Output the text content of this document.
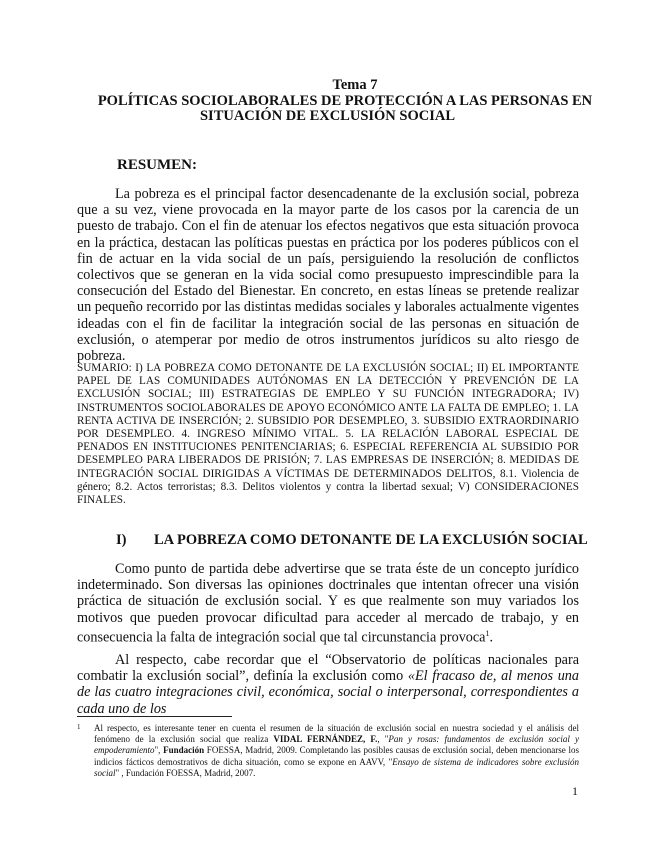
Tema 7
POLÍTICAS SOCIOLABORALES DE PROTECCIÓN A LAS PERSONAS EN
SITUACIÓN DE EXCLUSIÓN SOCIAL
RESUMEN:

La pobreza es el principal factor desencadenante de la exclusión social, pobreza que a su vez, viene provocada en la mayor parte de los casos por la carencia de un puesto de trabajo. Con el fin de atenuar los efectos negativos que esta situación provoca en la práctica, destacan las políticas puestas en práctica por los poderes públicos con el fin de actuar en la vida social de un país, persiguiendo la resolución de conflictos colectivos que se generan en la vida social como presupuesto imprescindible para la consecución del Estado del Bienestar. En concreto, en estas líneas se pretende realizar un pequeño recorrido por las distintas medidas sociales y laborales actualmente vigentes ideadas con el fin de facilitar la integración social de las personas en situación de exclusión, o atemperar por medio de otros instrumentos jurídicos su alto riesgo de pobreza.

SUMARIO: I) LA POBREZA COMO DETONANTE DE LA EXCLUSIÓN SOCIAL; II) EL IMPORTANTE PAPEL DE LAS COMUNIDADES AUTÓNOMAS EN LA DETECCIÓN Y PREVENCIÓN DE LA EXCLUSIÓN SOCIAL; III) ESTRATEGIAS DE EMPLEO Y SU FUNCIÓN INTEGRADORA; IV) INSTRUMENTOS SOCIOLABORALES DE APOYO ECONÓMICO ANTE LA FALTA DE EMPLEO; 1. LA RENTA ACTIVA DE INSERCIÓN; 2. SUBSIDIO POR DESEMPLEO, 3. SUBSIDIO EXTRAORDINARIO POR DESEMPLEO. 4. INGRESO MÍNIMO VITAL. 5. LA RELACIÓN LABORAL ESPECIAL DE PENADOS EN INSTITUCIONES PENITENCIARIAS; 6. ESPECIAL REFERENCIA AL SUBSIDIO POR DESEMPLEO PARA LIBERADOS DE PRISIÓN; 7. LAS EMPRESAS DE INSERCIÓN; 8. MEDIDAS DE INTEGRACIÓN SOCIAL DIRIGIDAS A VÍCTIMAS DE DETERMINADOS DELITOS, 8.1. Violencia de género; 8.2. Actos terroristas; 8.3. Delitos violentos y contra la libertad sexual; V) CONSIDERACIONES FINALES.

I) LA POBREZA COMO DETONANTE DE LA EXCLUSIÓN SOCIAL

Como punto de partida debe advertirse que se trata éste de un concepto jurídico indeterminado. Son diversas las opiniones doctrinales que intentan ofrecer una visión práctica de situación de exclusión social. Y es que realmente son muy variados los motivos que pueden provocar dificultad para acceder al mercado de trabajo, y en consecuencia la falta de integración social que tal circunstancia provoca$^1$.

Al respecto, cabe recordar que el “Observatorio de políticas nacionales para combatir la exclusión social”, definía la exclusión como «El fracaso de, al menos una de las cuatro integraciones civil, económica, social o interpersonal, correspondientes a cada uno de los

1	Al respecto, es interesante tener en cuenta el resumen de la situación de exclusión social en nuestra sociedad y el análisis del fenómeno de la exclusión social que realiza VIDAL FERNÁNDEZ, F., "Pan y rosas: fundamentos de exclusión social y empoderamiento", Fundación FOESSA, Madrid, 2009. Completando las posibles causas de exclusión social, deben mencionarse los indicios fácticos demostrativos de dicha situación, como se expone en AAVV, "Ensayo de sistema de indicadores sobre exclusión social" , Fundación FOESSA, Madrid, 2007.

1
